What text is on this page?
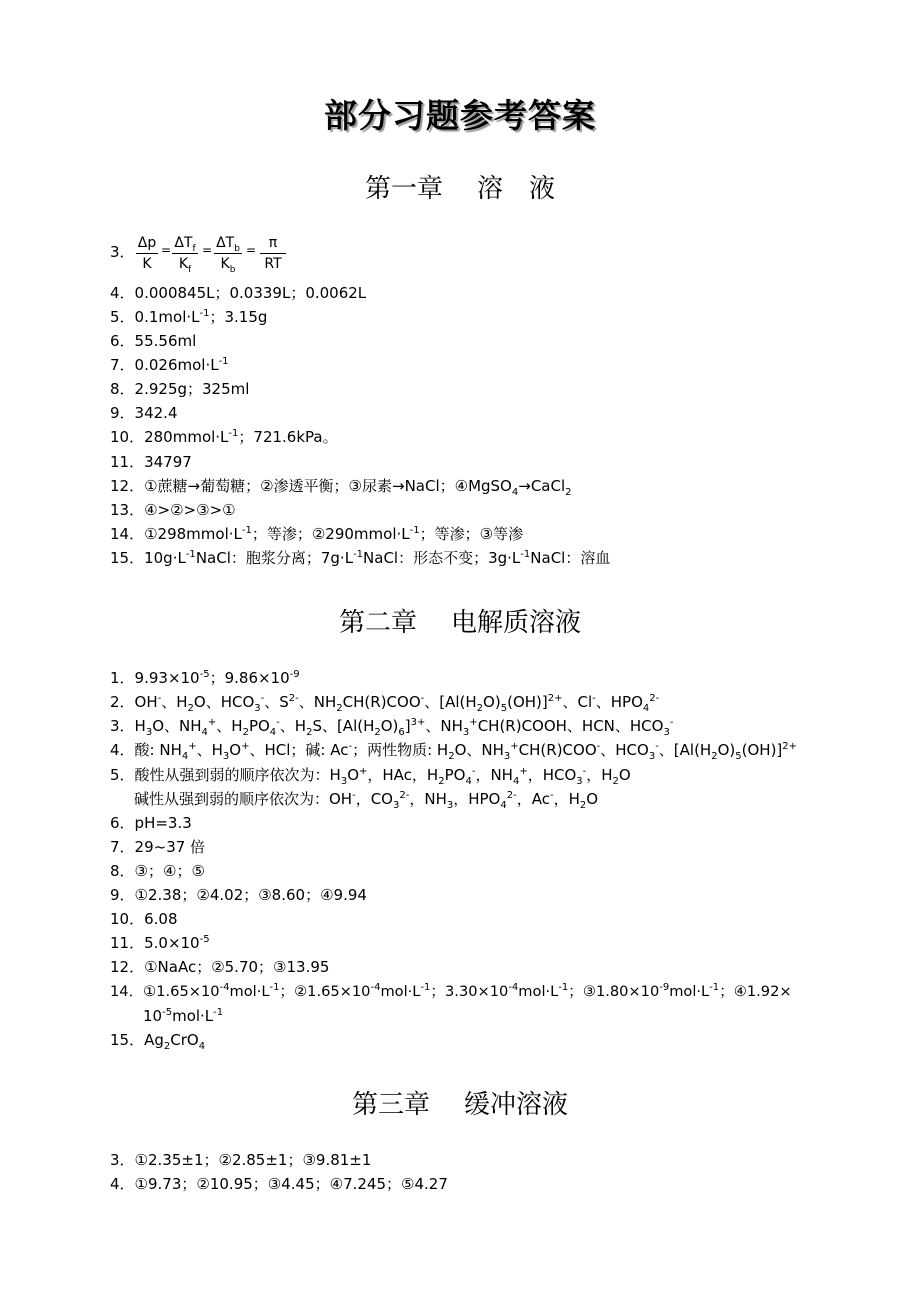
部分习题参考答案
第一章 溶　液
3． Δp
K
= $\Delta T_f$
$K_f$
= $\Delta T_b$
$K_b$
= π
RT
4．0.000845L；0.0339L；0.0062L
5．$0.1mol\cdot L^{-1}$；3.15g
6．55.56ml
7．$0.026mol\cdot L^{-1}$
8．2.925g；325ml
9．342.4
10．$280mmol\cdot L^{-1}$；721.6kPa。
11．34797
12．①蔗糖→葡萄糖；②渗透平衡；③尿素→NaCl；④MgSO$_4$→CaCl$_2$
13．④>②>③>①
14．$①298mmol\cdot L^{-1}$；等渗；$②290mmol\cdot L^{-1}$；等渗；③等渗
15．$10g\cdot L^{-1}NaCl$：胞浆分离；$7g\cdot L^{-1}NaCl$：形态不变；$3g\cdot L^{-1}NaCl$：溶血
第二章 电解质溶液
1．$9.93\times 10^{-5}$；$9.86\times 10^{-9}$
2．OH-、$H_2O$、$HCO_3^-$、$S^{2-}$、$NH_2CH(R)COO^-$、$[Al(H_2O)_5(OH)]^{2+}$、Cl-、$HPO_4^{2-}$
3．$H_3O$、$NH_4^+$、$H_2PO_4^-$、$H_2S$、$[Al(H_2O)_6]^{3+}$、$NH_3^+CH(R)COOH$、HCN、$HCO_3^-$
4．酸: $NH_4^+$、$H_3O^+$、HCl；碱: Ac-；两性物质: $H_2O$、$NH_3^+CH(R)COO^-$、$HCO_3^-$、$[Al(H_2O)_5(OH)]^{2+}$
5．酸性从强到弱的顺序依次为：$H_3O^+$，HAc，$H_2PO_4^-$，$NH_4^+$，$HCO_3^-$，$H_2O$
碱性从强到弱的顺序依次为：OH-，$CO_3^{2-}$，$NH_3$，$HPO_4^{2-}$，Ac-，$H_2O$
6．pH=3.3
7．29~37 倍
8．③；④；⑤
9．①2.38；②4.02；③8.60；④9.94
10．6.08
11．$5.0\times 10^{-5}$
12．①NaAc；②5.70；③13.95
14．$①1.65\times 10^{-4}mol\cdot L^{-1}$；$②1.65\times 10^{-4}mol\cdot L^{-1}$；$3.30\times 10^{-4}mol\cdot L^{-1}$；$③1.80\times 10^{-9}mol\cdot L^{-1}$；④1.92×
$10^{-5}mol\cdot L^{-1}$
15．$Ag_2CrO_4$
第三章 缓冲溶液
3．①2.35±1；②2.85±1；③9.81±1
4．①9.73；②10.95；③4.45；④7.245；⑤4.27
